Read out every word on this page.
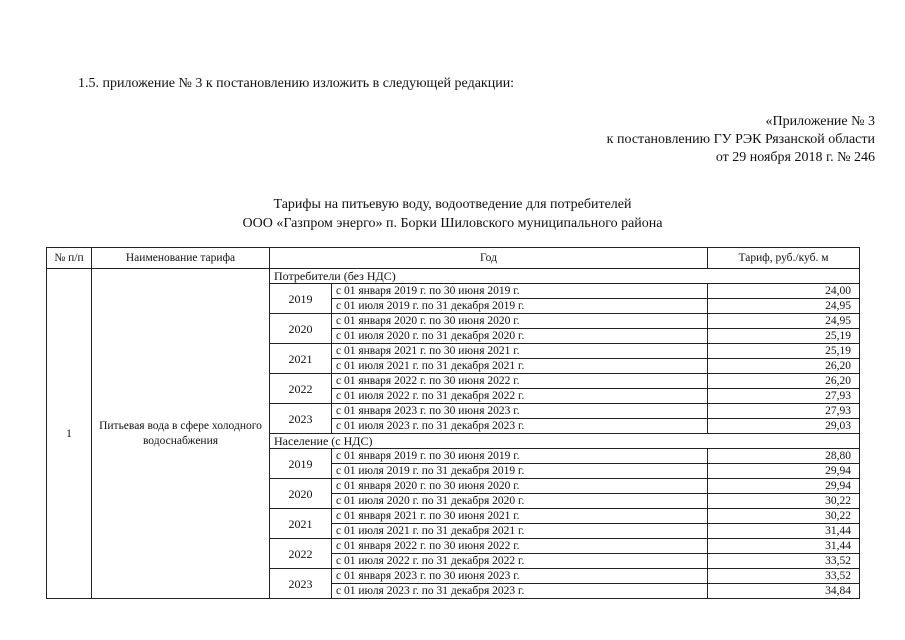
1.5. приложение № 3 к постановлению изложить в следующей редакции:
«Приложение № 3
к постановлению ГУ РЭК Рязанской области
от 29 ноября 2018 г. № 246
Тарифы на питьевую воду, водоотведение для потребителей
ООО «Газпром энерго» п. Борки Шиловского муниципального района
№ п/п	Наименование тарифа	Год		Тариф, руб./куб. м
1	Питьевая вода в сфере холодного водоснабжения	Потребители (без НДС)		
		2019	с 01 января 2019 г. по 30 июня 2019 г.	24,00
			с 01 июля 2019 г. по 31 декабря 2019 г.	24,95
		2020	с 01 января 2020 г. по 30 июня 2020 г.	24,95
			с 01 июля 2020 г. по 31 декабря 2020 г.	25,19
		2021	с 01 января 2021 г. по 30 июня 2021 г.	25,19
			с 01 июля 2021 г. по 31 декабря 2021 г.	26,20
		2022	с 01 января 2022 г. по 30 июня 2022 г.	26,20
			с 01 июля 2022 г. по 31 декабря 2022 г.	27,93
		2023	с 01 января 2023 г. по 30 июня 2023 г.	27,93
			с 01 июля 2023 г. по 31 декабря 2023 г.	29,03
		Население (с НДС)		
		2019	с 01 января 2019 г. по 30 июня 2019 г.	28,80
			с 01 июля 2019 г. по 31 декабря 2019 г.	29,94
		2020	с 01 января 2020 г. по 30 июня 2020 г.	29,94
			с 01 июля 2020 г. по 31 декабря 2020 г.	30,22
		2021	с 01 января 2021 г. по 30 июня 2021 г.	30,22
			с 01 июля 2021 г. по 31 декабря 2021 г.	31,44
		2022	с 01 января 2022 г. по 30 июня 2022 г.	31,44
			с 01 июля 2022 г. по 31 декабря 2022 г.	33,52
		2023	с 01 января 2023 г. по 30 июня 2023 г.	33,52
			с 01 июля 2023 г. по 31 декабря 2023 г.	34,84
